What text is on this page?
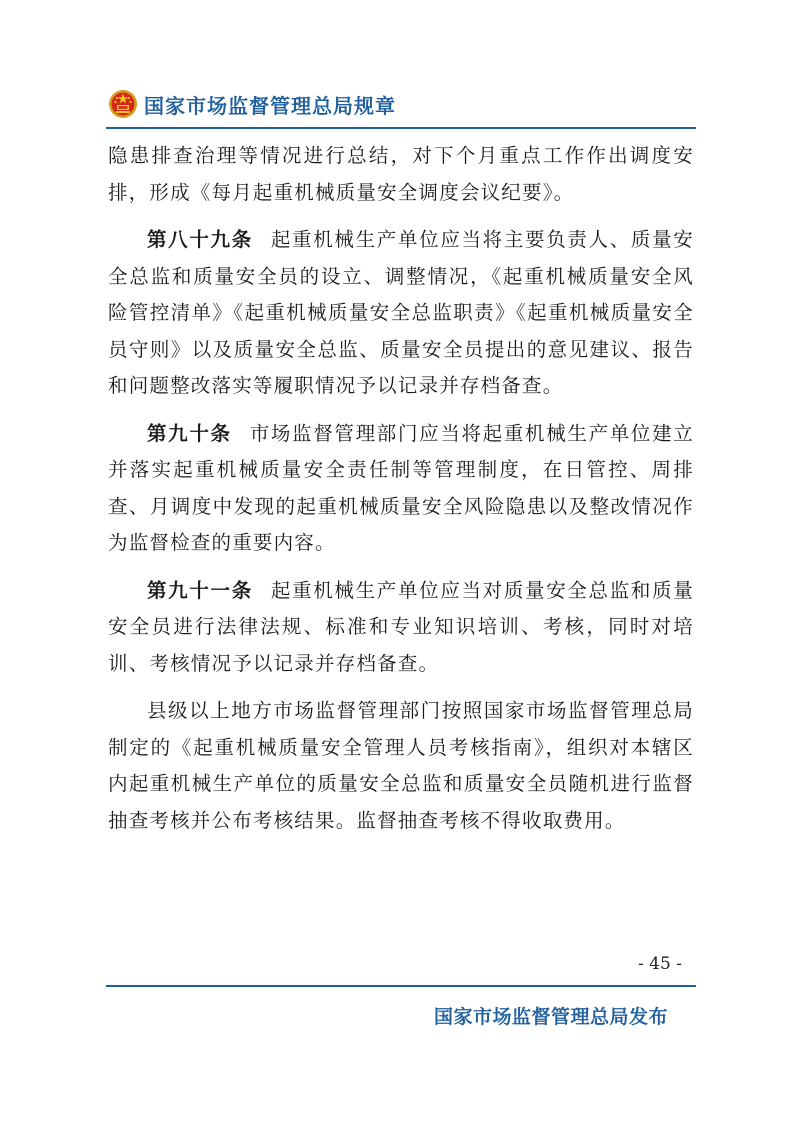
国家市场监督管理总局规章

隐患排查治理等情况进行总结，对下个月重点工作作出调度安排，形成《每月起重机械质量安全调度会议纪要》。

第八十九条 起重机械生产单位应当将主要负责人、质量安全总监和质量安全员的设立、调整情况，《起重机械质量安全风险管控清单》《起重机械质量安全总监职责》《起重机械质量安全员守则》以及质量安全总监、质量安全员提出的意见建议、报告和问题整改落实等履职情况予以记录并存档备查。

第九十条 市场监督管理部门应当将起重机械生产单位建立并落实起重机械质量安全责任制等管理制度，在日管控、周排查、月调度中发现的起重机械质量安全风险隐患以及整改情况作为监督检查的重要内容。

第九十一条 起重机械生产单位应当对质量安全总监和质量安全员进行法律法规、标准和专业知识培训、考核，同时对培训、考核情况予以记录并存档备查。

县级以上地方市场监督管理部门按照国家市场监督管理总局制定的《起重机械质量安全管理人员考核指南》，组织对本辖区内起重机械生产单位的质量安全总监和质量安全员随机进行监督抽查考核并公布考核结果。监督抽查考核不得收取费用。

- 45 -
国家市场监督管理总局发布
